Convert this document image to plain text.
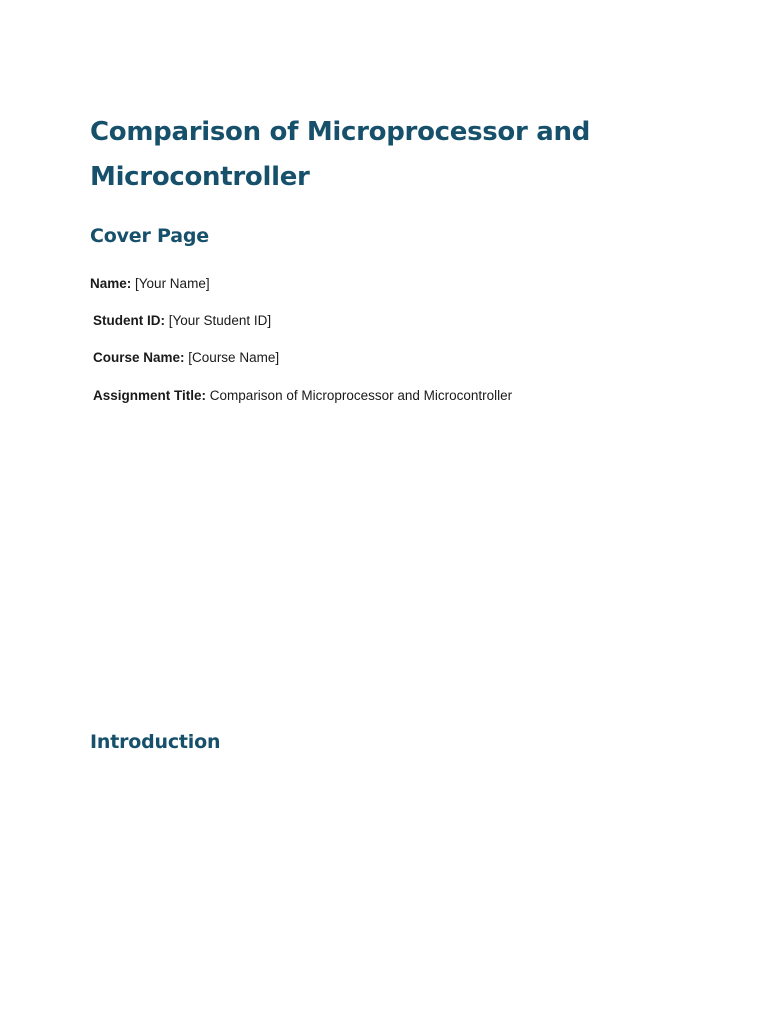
Comparison of Microprocessor and Microcontroller
Cover Page

Name: [Your Name]

Student ID: [Your Student ID]

Course Name: [Course Name]

Assignment Title: Comparison of Microprocessor and Microcontroller

Introduction
